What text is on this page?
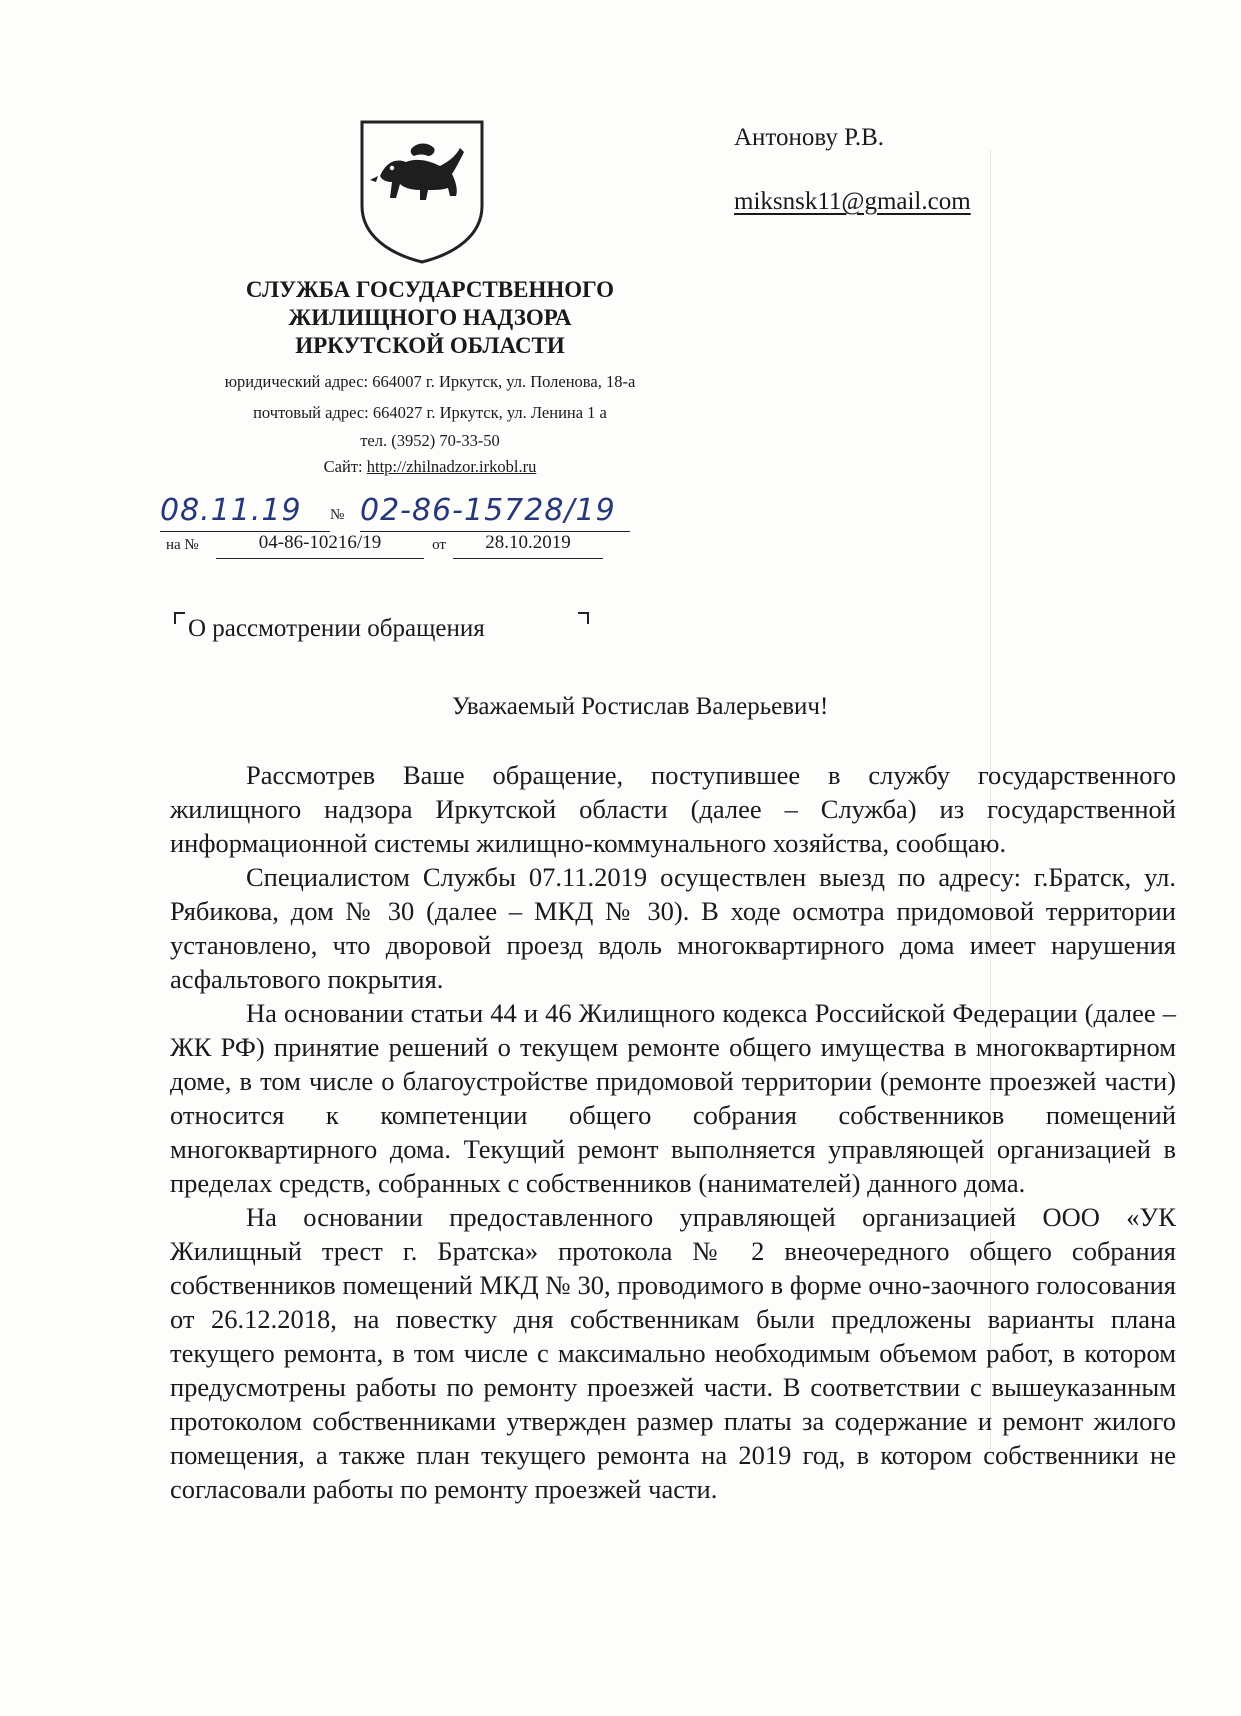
Антонову Р.В.
miksnsk11@gmail.com
СЛУЖБА ГОСУДАРСТВЕННОГО
ЖИЛИЩНОГО НАДЗОРА
ИРКУТСКОЙ ОБЛАСТИ
юридический адрес: 664007 г. Иркутск, ул. Поленова, 18-а
почтовый адрес: 664027 г. Иркутск, ул. Ленина 1 а
тел. (3952) 70-33-50
Сайт: http://zhilnadzor.irkobl.ru
08.11.19	№ 02-86-15728/19
на №	04-86-10216/19	от	28.10.2019
О рассмотрении обращения
Уважаемый Ростислав Валерьевич!

Рассмотрев Ваше обращение, поступившее в службу государственного жилищного надзора Иркутской области (далее – Служба) из государственной информационной системы жилищно-коммунального хозяйства, сообщаю.

Специалистом Службы 07.11.2019 осуществлен выезд по адресу: г.Братск, ул. Рябикова, дом № 30 (далее – МКД № 30). В ходе осмотра придомовой территории установлено, что дворовой проезд вдоль многоквартирного дома имеет нарушения асфальтового покрытия.

На основании статьи 44 и 46 Жилищного кодекса Российской Федерации (далее – ЖК РФ) принятие решений о текущем ремонте общего имущества в многоквартирном доме, в том числе о благоустройстве придомовой территории (ремонте проезжей части) относится к компетенции общего собрания собственников помещений многоквартирного дома. Текущий ремонт выполняется управляющей организацией в пределах средств, собранных с собственников (нанимателей) данного дома.

На основании предоставленного управляющей организацией ООО «УК Жилищный трест г. Братска» протокола № 2 внеочередного общего собрания собственников помещений МКД № 30, проводимого в форме очно-заочного голосования от 26.12.2018, на повестку дня собственникам были предложены варианты плана текущего ремонта, в том числе с максимально необходимым объемом работ, в котором предусмотрены работы по ремонту проезжей части. В соответствии с вышеуказанным протоколом собственниками утвержден размер платы за содержание и ремонт жилого помещения, а также план текущего ремонта на 2019 год, в котором собственники не согласовали работы по ремонту проезжей части.
